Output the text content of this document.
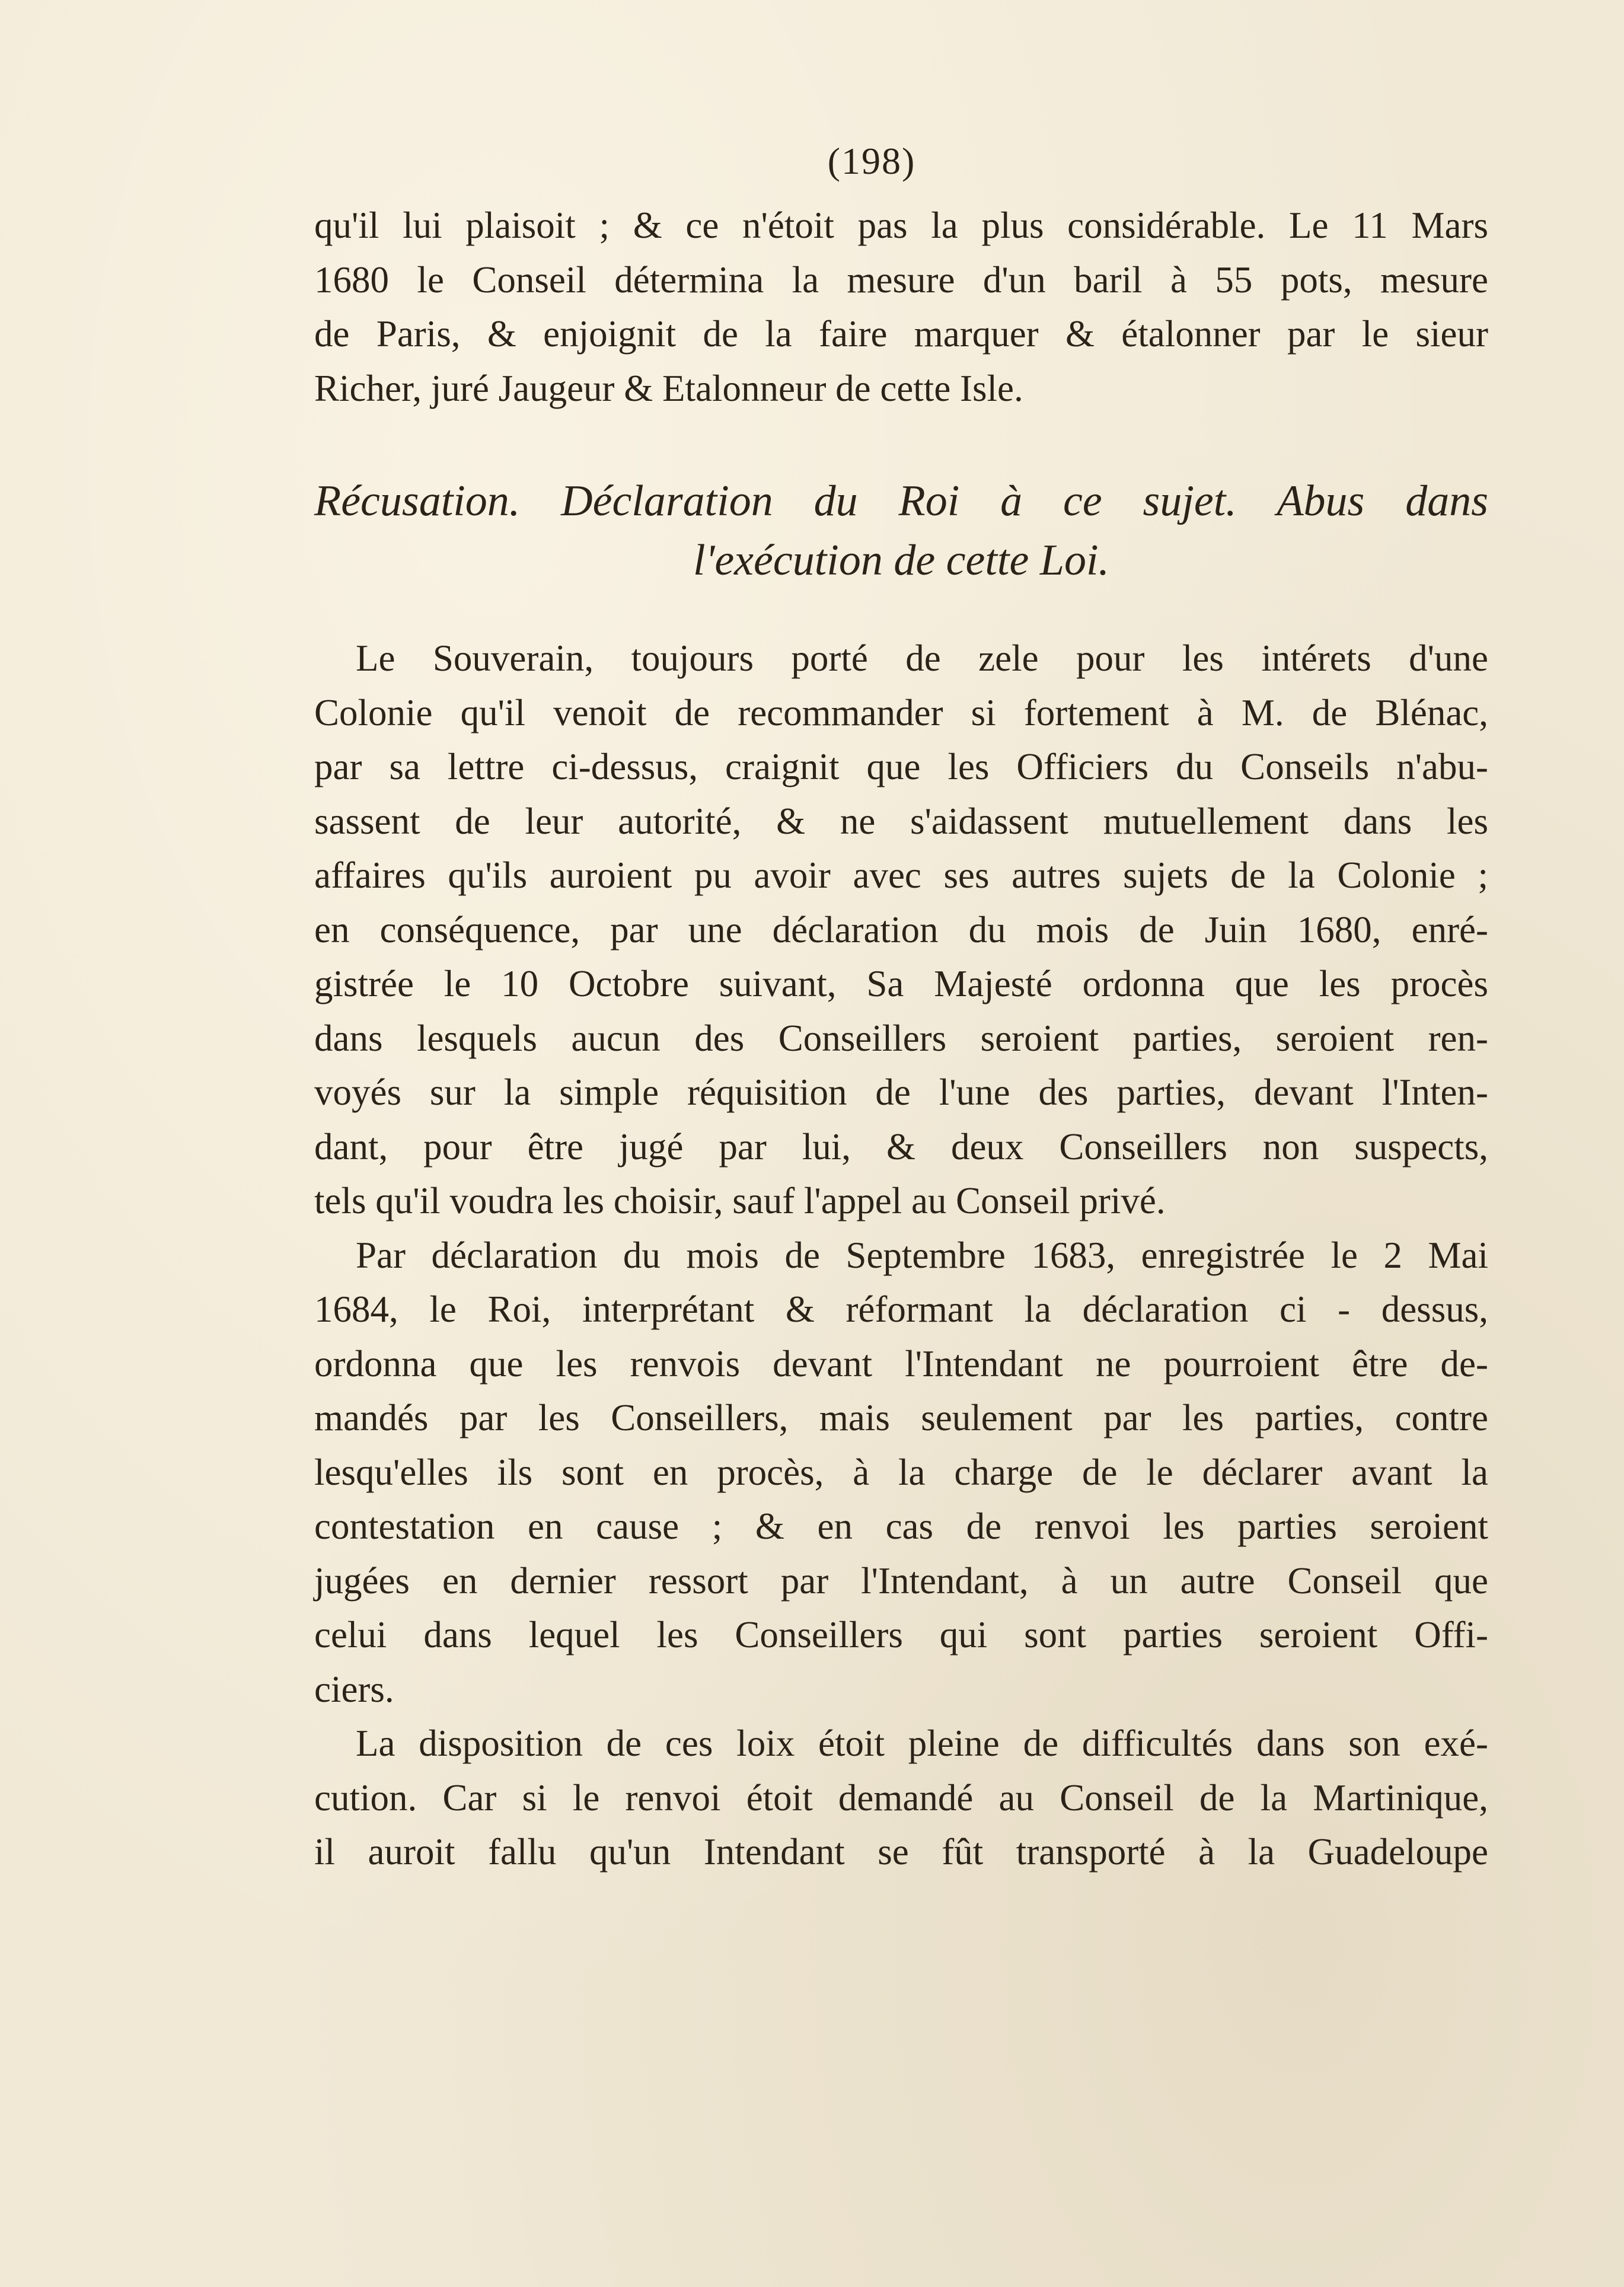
(198)
qu'il lui plaisoit ; & ce n'étoit pas la plus considérable. Le 11 Mars
1680 le Conseil détermina la mesure d'un baril à 55 pots, mesure
de Paris, & enjoignit de la faire marquer & étalonner par le sieur
Richer, juré Jaugeur & Etalonneur de cette Isle.
Récusation. Déclaration du Roi à ce sujet. Abus dans
l'exécution de cette Loi.
Le Souverain, toujours porté de zele pour les intérets d'une
Colonie qu'il venoit de recommander si fortement à M. de Blénac,
par sa lettre ci-dessus, craignit que les Officiers du Conseils n'abu-
sassent de leur autorité, & ne s'aidassent mutuellement dans les
affaires qu'ils auroient pu avoir avec ses autres sujets de la Colonie ;
en conséquence, par une déclaration du mois de Juin 1680, enré-
gistrée le 10 Octobre suivant, Sa Majesté ordonna que les procès
dans lesquels aucun des Conseillers seroient parties, seroient ren-
voyés sur la simple réquisition de l'une des parties, devant l'Inten-
dant, pour être jugé par lui, & deux Conseillers non suspects,
tels qu'il voudra les choisir, sauf l'appel au Conseil privé.
Par déclaration du mois de Septembre 1683, enregistrée le 2 Mai
1684, le Roi, interprétant & réformant la déclaration ci - dessus,
ordonna que les renvois devant l'Intendant ne pourroient être de-
mandés par les Conseillers, mais seulement par les parties, contre
lesqu'elles ils sont en procès, à la charge de le déclarer avant la
contestation en cause ; & en cas de renvoi les parties seroient
jugées en dernier ressort par l'Intendant, à un autre Conseil que
celui dans lequel les Conseillers qui sont parties seroient Offi-
ciers.
La disposition de ces loix étoit pleine de difficultés dans son exé-
cution. Car si le renvoi étoit demandé au Conseil de la Martinique,
il auroit fallu qu'un Intendant se fût transporté à la Guadeloupe
